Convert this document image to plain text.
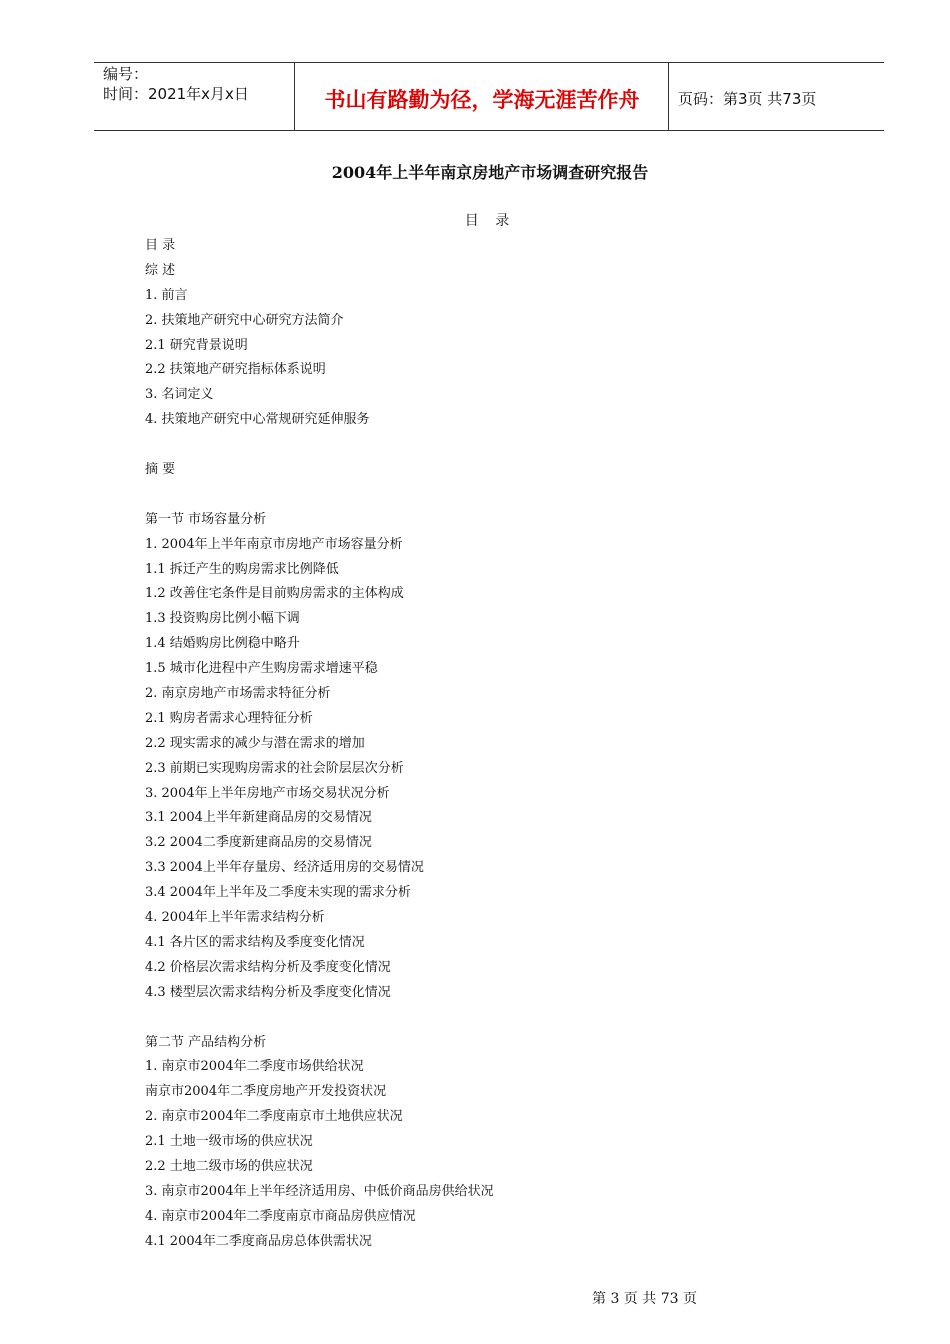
编号：
时间：2021年x月x日	书山有路勤为径，学海无涯苦作舟	页码：第3页 共73页
2004年上半年南京房地产市场调查研究报告
目 录
目 录
综 述
1. 前言
2. 扶策地产研究中心研究方法简介
2.1 研究背景说明
2.2 扶策地产研究指标体系说明
3. 名词定义
4. 扶策地产研究中心常规研究延伸服务
摘 要
第一节 市场容量分析
1. 2004年上半年南京市房地产市场容量分析
1.1 拆迁产生的购房需求比例降低
1.2 改善住宅条件是目前购房需求的主体构成
1.3 投资购房比例小幅下调
1.4 结婚购房比例稳中略升
1.5 城市化进程中产生购房需求增速平稳
2. 南京房地产市场需求特征分析
2.1 购房者需求心理特征分析
2.2 现实需求的减少与潜在需求的增加
2.3 前期已实现购房需求的社会阶层层次分析
3. 2004年上半年房地产市场交易状况分析
3.1 2004上半年新建商品房的交易情况
3.2 2004二季度新建商品房的交易情况
3.3 2004上半年存量房、经济适用房的交易情况
3.4 2004年上半年及二季度未实现的需求分析
4. 2004年上半年需求结构分析
4.1 各片区的需求结构及季度变化情况
4.2 价格层次需求结构分析及季度变化情况
4.3 楼型层次需求结构分析及季度变化情况
第二节 产品结构分析
1. 南京市2004年二季度市场供给状况
南京市2004年二季度房地产开发投资状况
2. 南京市2004年二季度南京市土地供应状况
2.1 土地一级市场的供应状况
2.2 土地二级市场的供应状况
3. 南京市2004年上半年经济适用房、中低价商品房供给状况
4. 南京市2004年二季度南京市商品房供应情况
4.1 2004年二季度商品房总体供需状况
第 3 页 共 73 页
